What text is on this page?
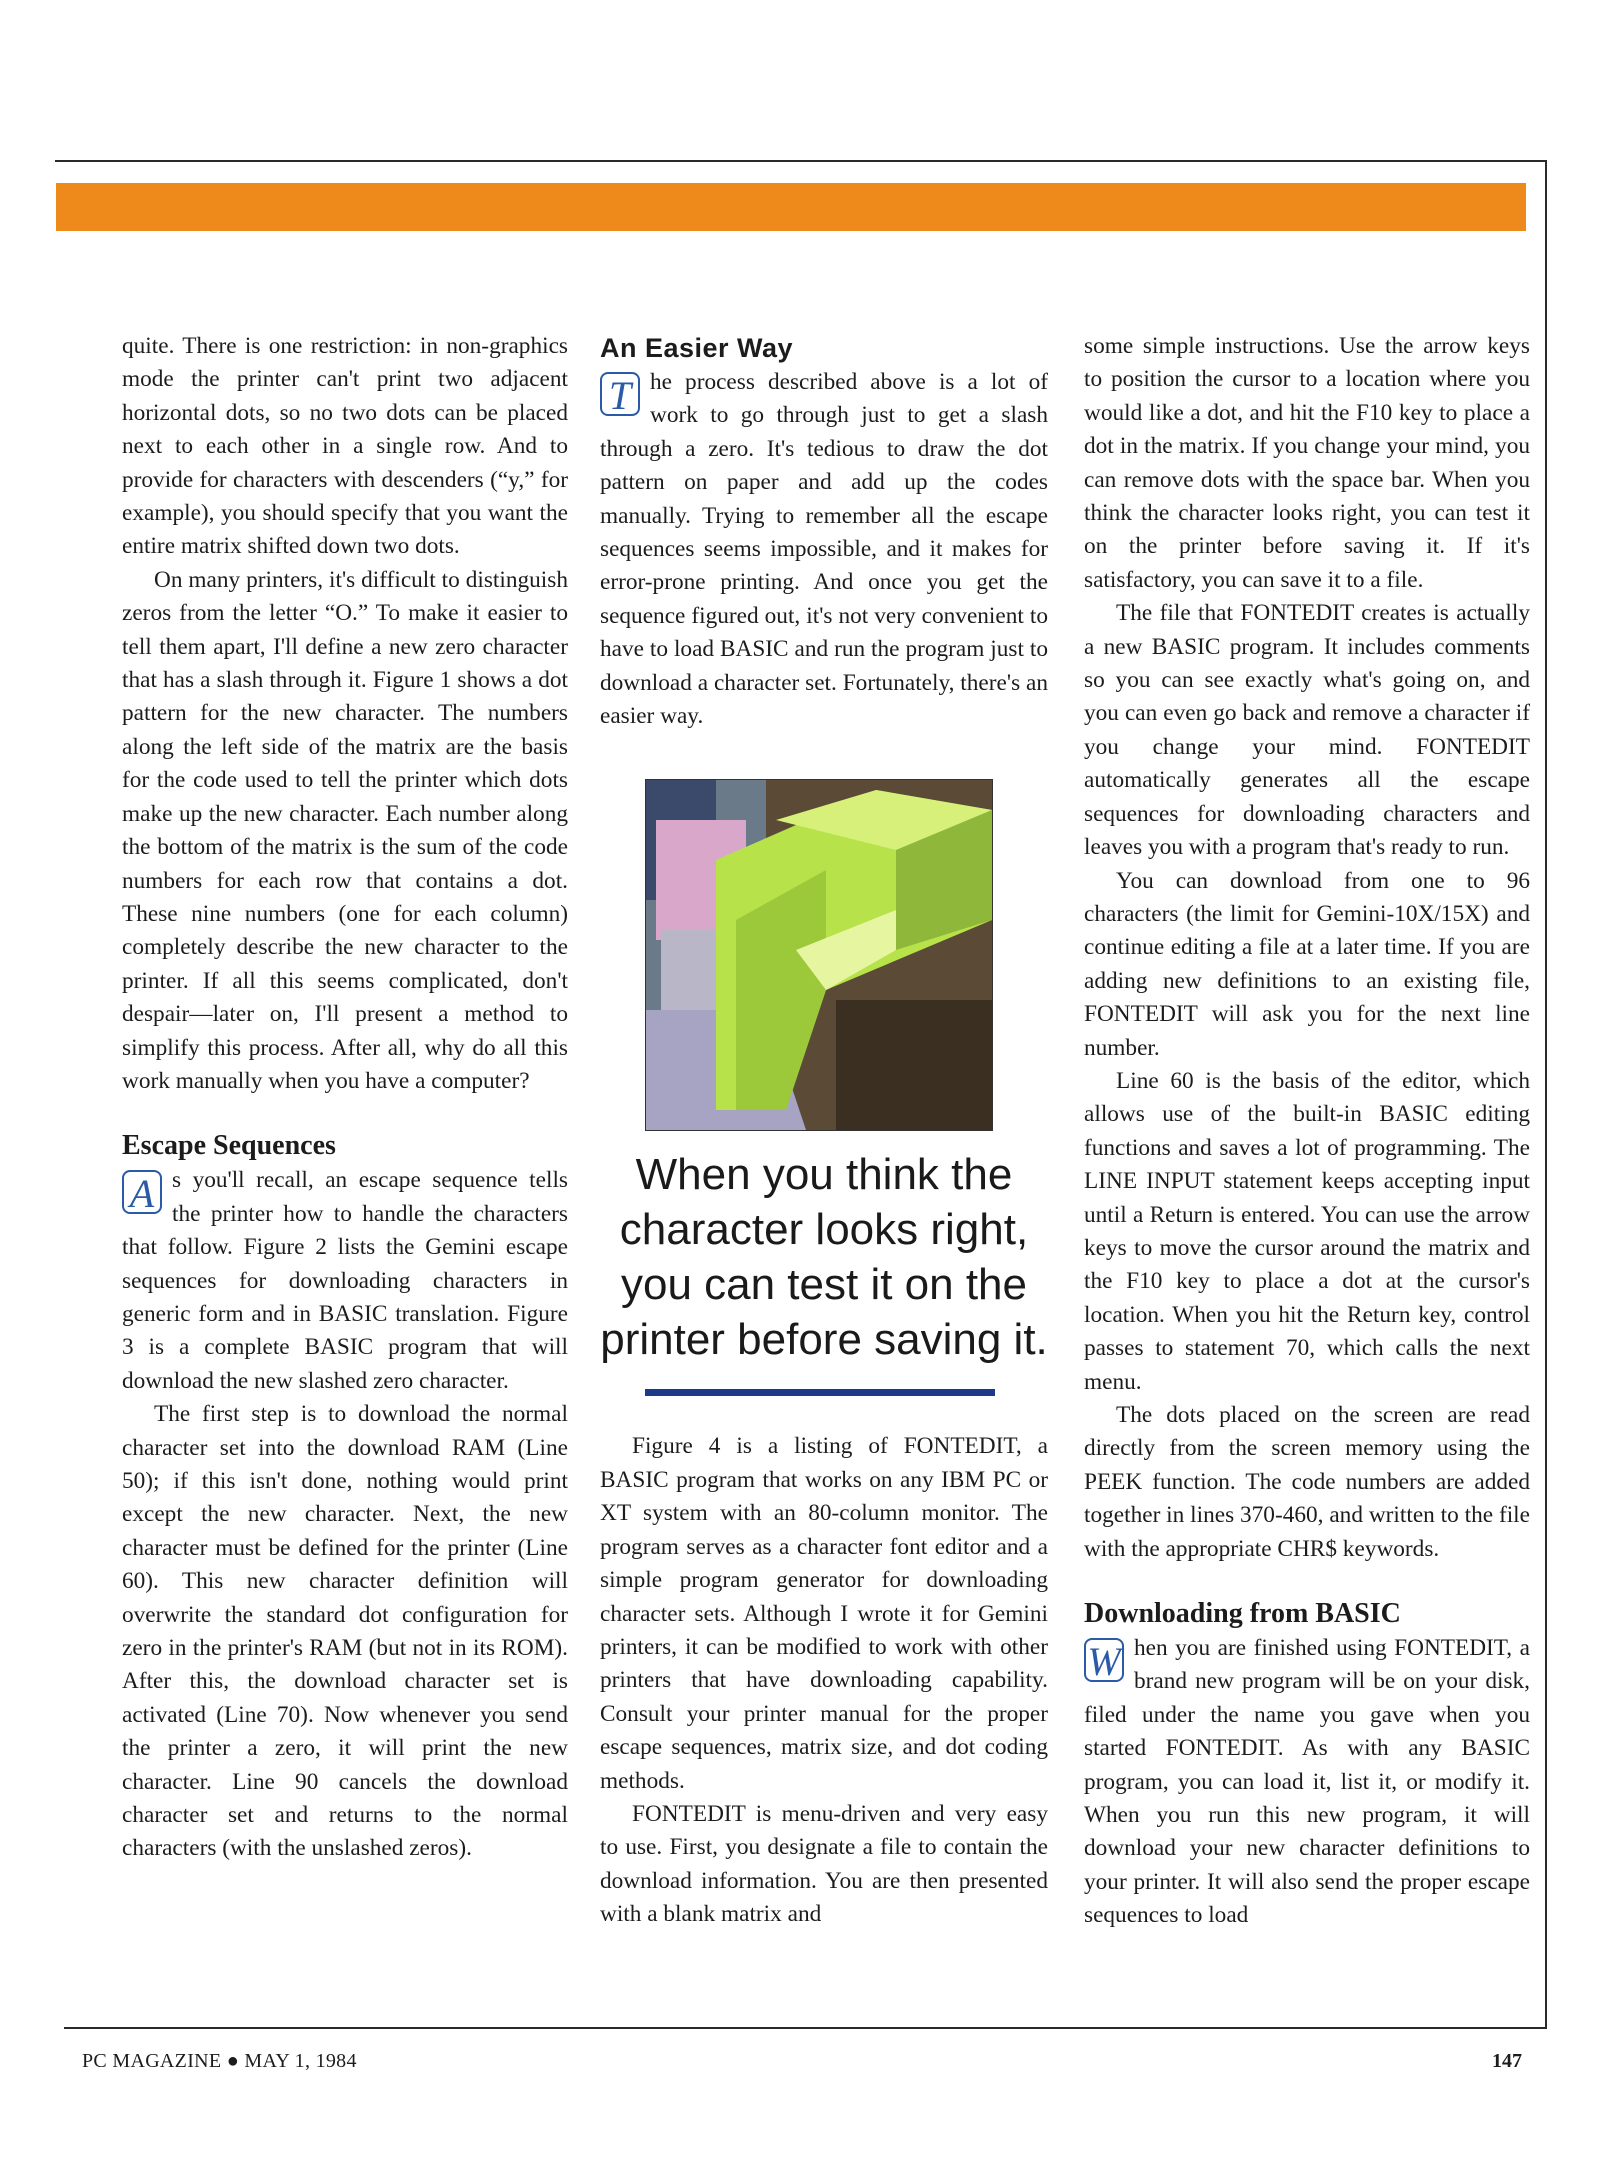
quite. There is one restriction: in non-graphics mode the printer can't print two adjacent horizontal dots, so no two dots can be placed next to each other in a single row. And to provide for characters with descenders (“y,” for example), you should specify that you want the entire matrix shifted down two dots.

On many printers, it's difficult to distinguish zeros from the letter “O.” To make it easier to tell them apart, I'll define a new zero character that has a slash through it. Figure 1 shows a dot pattern for the new character. The numbers along the left side of the matrix are the basis for the code used to tell the printer which dots make up the new character. Each number along the bottom of the matrix is the sum of the code numbers for each row that contains a dot. These nine numbers (one for each column) completely describe the new character to the printer. If all this seems complicated, don't despair—later on, I'll present a method to simplify this process. After all, why do all this work manually when you have a computer?

Escape Sequences

A s you'll recall, an escape sequence tells the printer how to handle the characters that follow. Figure 2 lists the Gemini escape sequences for downloading characters in generic form and in BASIC translation. Figure 3 is a complete BASIC program that will download the new slashed zero character.

The first step is to download the normal character set into the download RAM (Line 50); if this isn't done, nothing would print except the new character. Next, the new character must be defined for the printer (Line 60). This new character definition will overwrite the standard dot configuration for zero in the printer's RAM (but not in its ROM). After this, the download character set is activated (Line 70). Now whenever you send the printer a zero, it will print the new character. Line 90 cancels the download character set and returns to the normal characters (with the unslashed zeros).

An Easier Way

T he process described above is a lot of work to go through just to get a slash through a zero. It's tedious to draw the dot pattern on paper and add up the codes manually. Trying to remember all the escape sequences seems impossible, and it makes for error-prone printing. And once you get the sequence figured out, it's not very convenient to have to load BASIC and run the program just to download a character set. Fortunately, there's an easier way.

When you think the character looks right, you can test it on the printer before saving it.

Figure 4 is a listing of FONTEDIT, a BASIC program that works on any IBM PC or XT system with an 80-column monitor. The program serves as a character font editor and a simple program generator for downloading character sets. Although I wrote it for Gemini printers, it can be modified to work with other printers that have downloading capability. Consult your printer manual for the proper escape sequences, matrix size, and dot coding methods.

FONTEDIT is menu-driven and very easy to use. First, you designate a file to contain the download information. You are then presented with a blank matrix and

some simple instructions. Use the arrow keys to position the cursor to a location where you would like a dot, and hit the F10 key to place a dot in the matrix. If you change your mind, you can remove dots with the space bar. When you think the character looks right, you can test it on the printer before saving it. If it's satisfactory, you can save it to a file.

The file that FONTEDIT creates is actually a new BASIC program. It includes comments so you can see exactly what's going on, and you can even go back and remove a character if you change your mind. FONTEDIT automatically generates all the escape sequences for downloading characters and leaves you with a program that's ready to run.

You can download from one to 96 characters (the limit for Gemini-10X/15X) and continue editing a file at a later time. If you are adding new definitions to an existing file, FONTEDIT will ask you for the next line number.

Line 60 is the basis of the editor, which allows use of the built-in BASIC editing functions and saves a lot of programming. The LINE INPUT statement keeps accepting input until a Return is entered. You can use the arrow keys to move the cursor around the matrix and the F10 key to place a dot at the cursor's location. When you hit the Return key, control passes to statement 70, which calls the next menu.

The dots placed on the screen are read directly from the screen memory using the PEEK function. The code numbers are added together in lines 370-460, and written to the file with the appropriate CHR$ keywords.

Downloading from BASIC

W hen you are finished using FONTEDIT, a brand new program will be on your disk, filed under the name you gave when you started FONTEDIT. As with any BASIC program, you can load it, list it, or modify it. When you run this new program, it will download your new character definitions to your printer. It will also send the proper escape sequences to load

PC MAGAZINE ● MAY 1, 1984	147
